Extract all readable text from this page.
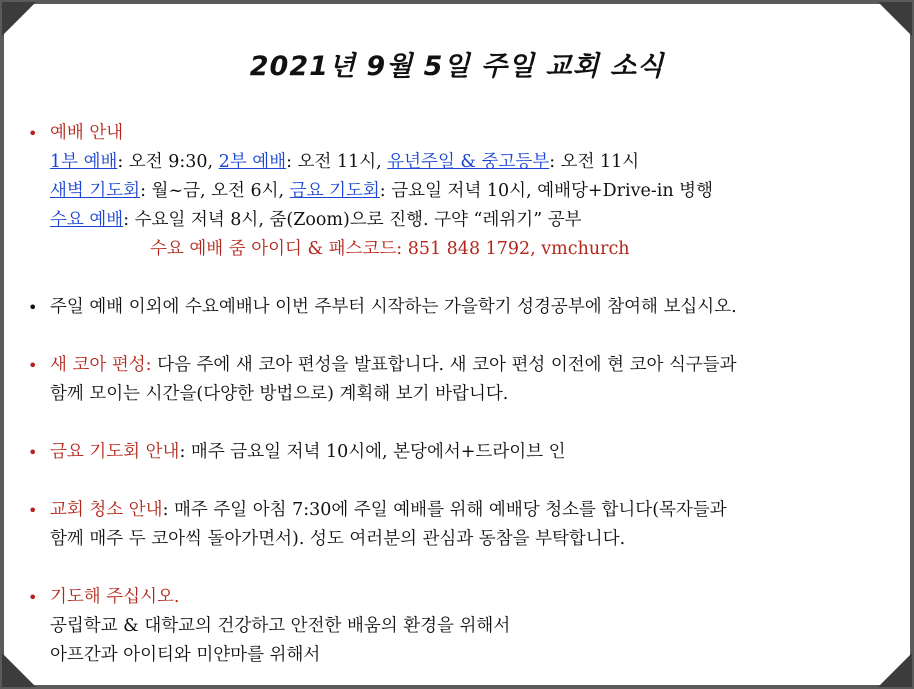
2021년 9월 5일 주일 교회 소식
• 예배 안내
1부 예배: 오전 9:30, 2부 예배: 오전 11시, 유년주일 & 중고등부: 오전 11시
새벽 기도회: 월~금, 오전 6시, 금요 기도회: 금요일 저녁 10시, 예배당+Drive-in 병행
수요 예배: 수요일 저녁 8시, 줌(Zoom)으로 진행. 구약 “레위기” 공부
수요 예배 줌 아이디 & 패스코드: 851 848 1792, vmchurch
• 주일 예배 이외에 수요예배나 이번 주부터 시작하는 가을학기 성경공부에 참여해 보십시오.
• 새 코아 편성: 다음 주에 새 코아 편성을 발표합니다. 새 코아 편성 이전에 현 코아 식구들과
함께 모이는 시간을(다양한 방법으로) 계획해 보기 바랍니다.
• 금요 기도회 안내: 매주 금요일 저녁 10시에, 본당에서+드라이브 인
• 교회 청소 안내: 매주 주일 아침 7:30에 주일 예배를 위해 예배당 청소를 합니다(목자들과
함께 매주 두 코아씩 돌아가면서). 성도 여러분의 관심과 동참을 부탁합니다.
• 기도해 주십시오.
공립학교 & 대학교의 건강하고 안전한 배움의 환경을 위해서
아프간과 아이티와 미얀마를 위해서
